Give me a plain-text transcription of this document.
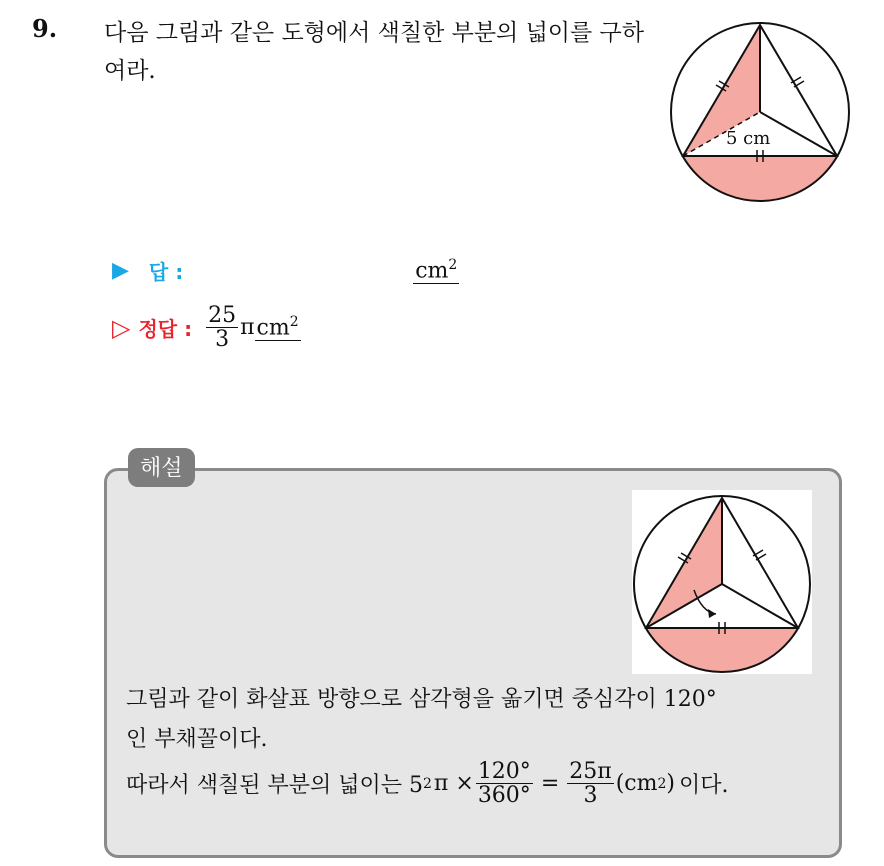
9. 다음 그림과 같은 도형에서 색칠한 부분의 넓이를 구하여라.
5 cm
▶ 답 :	$cm^2$
▷ 정답 : $\frac{25}{3}$ π $cm^2$
해설
그림과 같이 화살표 방향으로 삼각형을 옮기면 중심각이 120°
인 부채꼴이다.
따라서 색칠된 부분의 넓이는 5 2 $\pi \times \frac{120^\circ}{360^\circ} = \frac{25\pi}{3} (cm$ 2 ) 이다.
